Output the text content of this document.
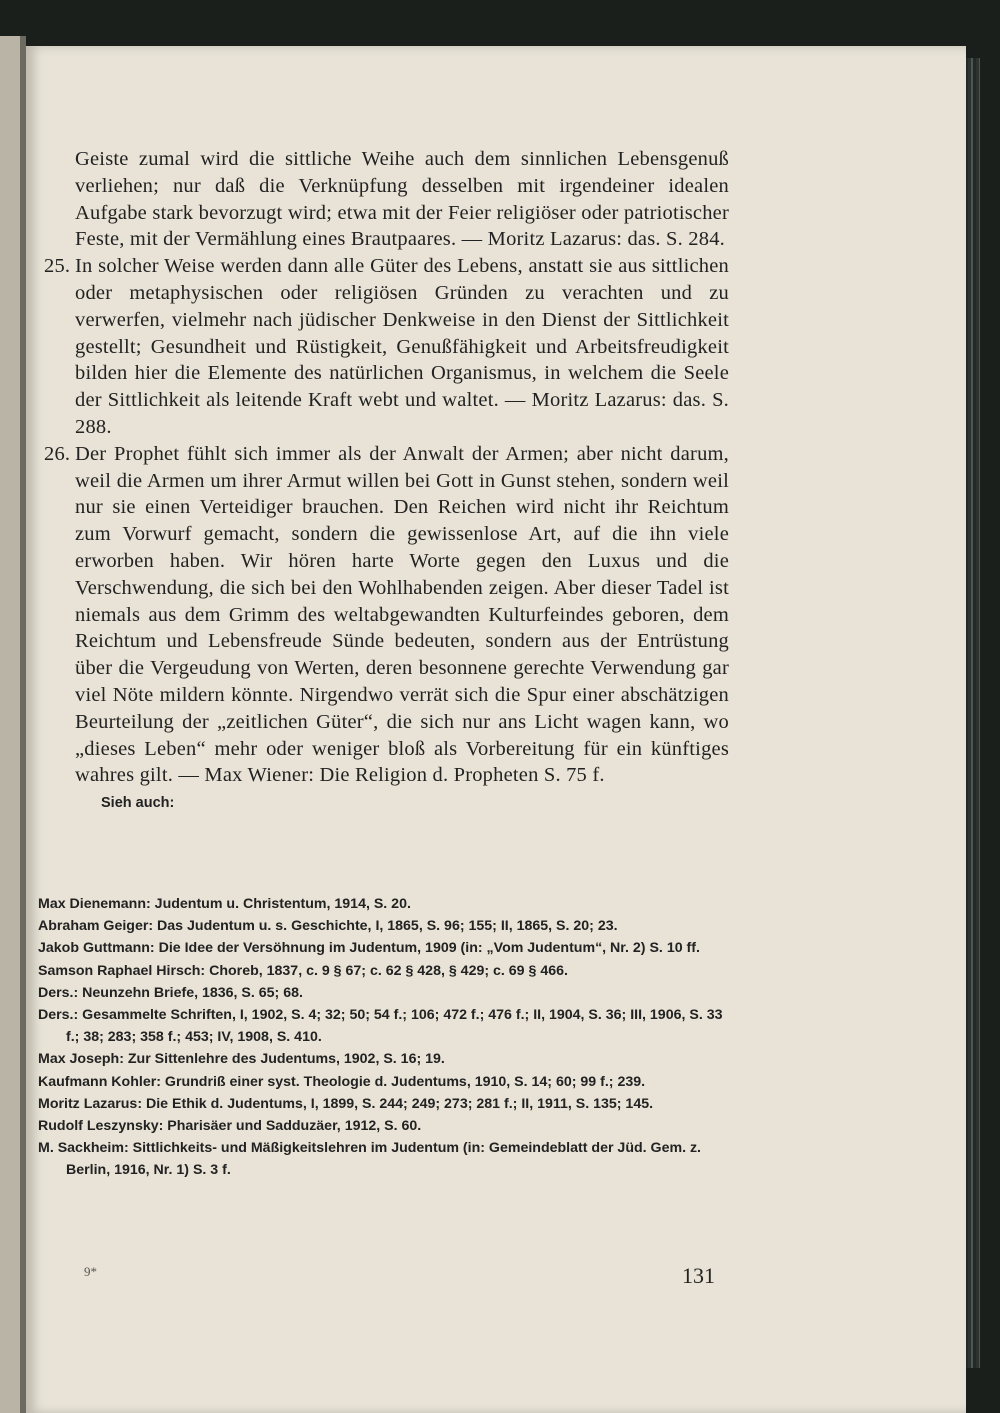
Geiste zumal wird die sittliche Weihe auch dem sinnlichen Lebensgenuß verliehen; nur daß die Verknüpfung desselben mit irgendeiner idealen Aufgabe stark bevorzugt wird; etwa mit der Feier religiöser oder patriotischer Feste, mit der Vermählung eines Brautpaares. — Moritz Lazarus: das. S. 284.

25. In solcher Weise werden dann alle Güter des Lebens, anstatt sie aus sittlichen oder metaphysischen oder religiösen Gründen zu verachten und zu verwerfen, vielmehr nach jüdischer Denkweise in den Dienst der Sittlichkeit gestellt; Gesundheit und Rüstigkeit, Genußfähigkeit und Arbeitsfreudigkeit bilden hier die Elemente des natürlichen Organismus, in welchem die Seele der Sittlichkeit als leitende Kraft webt und waltet. — Moritz Lazarus: das. S. 288.

26. Der Prophet fühlt sich immer als der Anwalt der Armen; aber nicht darum, weil die Armen um ihrer Armut willen bei Gott in Gunst stehen, sondern weil nur sie einen Verteidiger brauchen. Den Reichen wird nicht ihr Reichtum zum Vorwurf gemacht, sondern die gewissenlose Art, auf die ihn viele erworben haben. Wir hören harte Worte gegen den Luxus und die Verschwendung, die sich bei den Wohlhabenden zeigen. Aber dieser Tadel ist niemals aus dem Grimm des weltabgewandten Kulturfeindes geboren, dem Reichtum und Lebensfreude Sünde bedeuten, sondern aus der Entrüstung über die Vergeudung von Werten, deren besonnene gerechte Verwendung gar viel Nöte mildern könnte. Nirgendwo verrät sich die Spur einer abschätzigen Beurteilung der „zeitlichen Güter“, die sich nur ans Licht wagen kann, wo „dieses Leben“ mehr oder weniger bloß als Vorbereitung für ein künftiges wahres gilt. — Max Wiener: Die Religion d. Propheten S. 75 f.

Sieh auch:

Max Dienemann: Judentum u. Christentum, 1914, S. 20.

Abraham Geiger: Das Judentum u. s. Geschichte, I, 1865, S. 96; 155; II, 1865, S. 20; 23.

Jakob Guttmann: Die Idee der Versöhnung im Judentum, 1909 (in: „Vom Judentum“, Nr. 2) S. 10 ff.

Samson Raphael Hirsch: Choreb, 1837, c. 9 § 67; c. 62 § 428, § 429; c. 69 § 466.

Ders.: Neunzehn Briefe, 1836, S. 65; 68.

Ders.: Gesammelte Schriften, I, 1902, S. 4; 32; 50; 54 f.; 106; 472 f.; 476 f.; II, 1904, S. 36; III, 1906, S. 33 f.; 38; 283; 358 f.; 453; IV, 1908, S. 410.

Max Joseph: Zur Sittenlehre des Judentums, 1902, S. 16; 19.

Kaufmann Kohler: Grundriß einer syst. Theologie d. Judentums, 1910, S. 14; 60; 99 f.; 239.

Moritz Lazarus: Die Ethik d. Judentums, I, 1899, S. 244; 249; 273; 281 f.; II, 1911, S. 135; 145.

Rudolf Leszynsky: Pharisäer und Sadduzäer, 1912, S. 60.

M. Sackheim: Sittlichkeits- und Mäßigkeitslehren im Judentum (in: Gemeindeblatt der Jüd. Gem. z. Berlin, 1916, Nr. 1) S. 3 f.

9*	131
